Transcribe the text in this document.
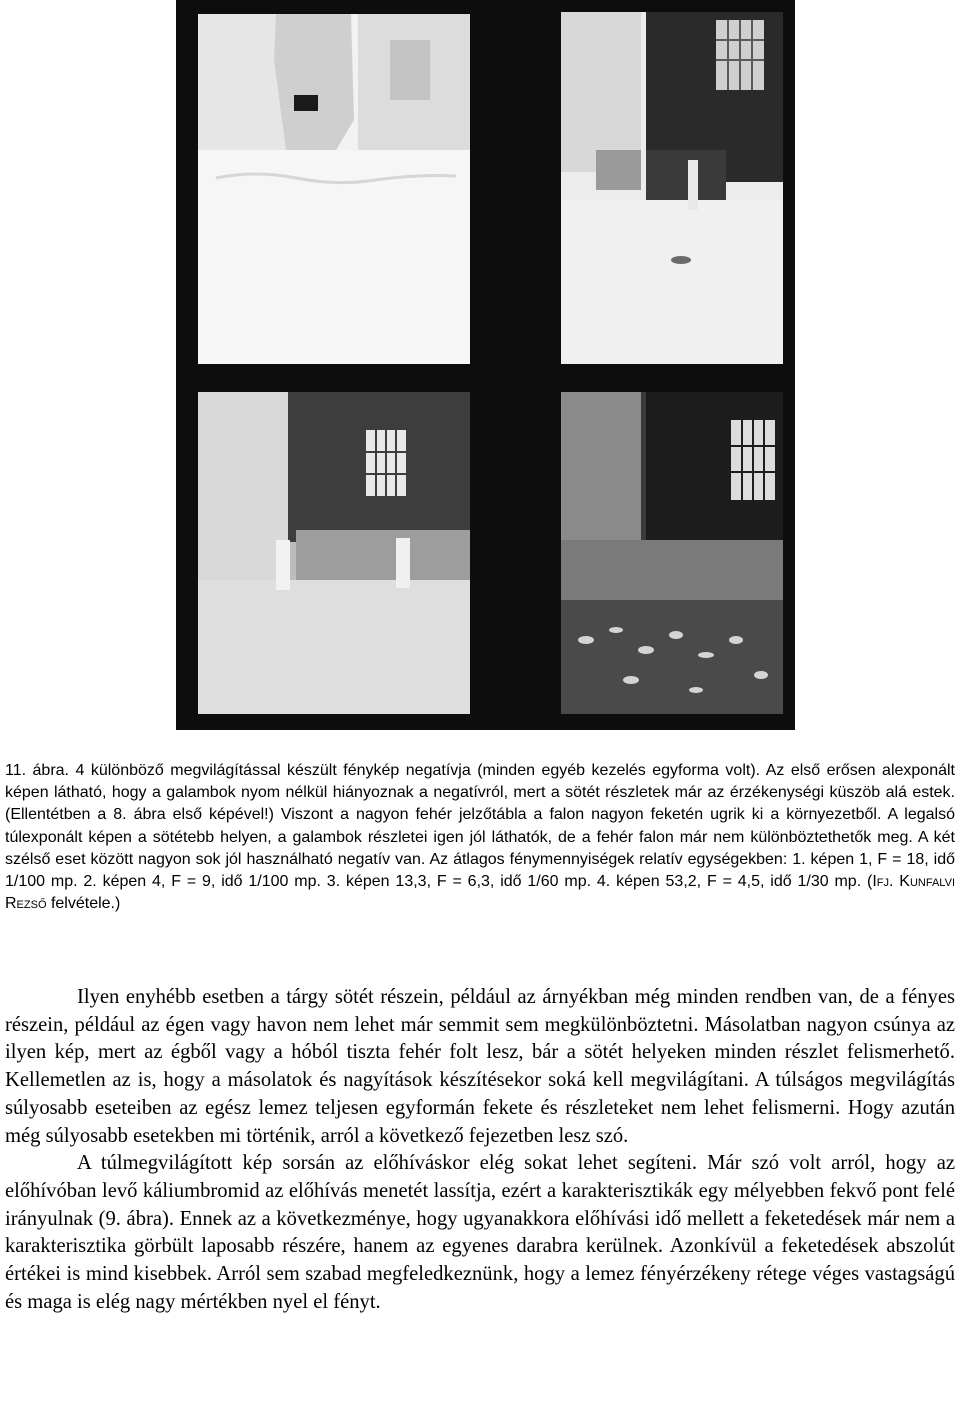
11. ábra. 4 különböző megvilágítással készült fénykép negatívja (minden egyéb kezelés egyforma volt). Az első erősen alexponált képen látható, hogy a galambok nyom nélkül hiányoznak a negatívról, mert a sötét részletek már az érzékenységi küszöb alá estek. (Ellentétben a 8. ábra első képével!) Viszont a nagyon fehér jelzőtábla a falon nagyon feketén ugrik ki a környezetből. A legalsó túlexponált képen a sötétebb helyen, a galambok részletei igen jól láthatók, de a fehér falon már nem különböztethetők meg. A két szélső eset között nagyon sok jól használható negatív van. Az átlagos fénymennyiségek relatív egységekben: 1. képen 1, F = 18, idő 1/100 mp. 2. képen 4, F = 9, idő 1/100 mp. 3. képen 13,3, F = 6,3, idő 1/60 mp. 4. képen 53,2, F = 4,5, idő 1/30 mp. (Ifj. Kunfalvi Rezső felvétele.)

Ilyen enyhébb esetben a tárgy sötét részein, például az árnyékban még minden rendben van, de a fényes részein, például az égen vagy havon nem lehet már semmit sem megkülönböztetni. Másolatban nagyon csúnya az ilyen kép, mert az égből vagy a hóból tiszta fehér folt lesz, bár a sötét helyeken minden részlet felismerhető. Kellemetlen az is, hogy a másolatok és nagyítások készítésekor soká kell megvilágítani. A túlságos megvilágítás súlyosabb eseteiben az egész lemez teljesen egyformán fekete és részleteket nem lehet felismerni. Hogy azután még súlyosabb esetekben mi történik, arról a következő fejezetben lesz szó.

A túlmegvilágított kép sorsán az előhíváskor elég sokat lehet segíteni. Már szó volt arról, hogy az előhívóban levő káliumbromid az előhívás menetét lassítja, ezért a karakterisztikák egy mélyebben fekvő pont felé irányulnak (9. ábra). Ennek az a következménye, hogy ugyanakkora előhívási idő mellett a feketedések már nem a karakterisztika görbült laposabb részére, hanem az egyenes darabra kerülnek. Azonkívül a feketedések abszolút értékei is mind kisebbek. Arról sem szabad megfeledkeznünk, hogy a lemez fényérzékeny rétege véges vastagságú és maga is elég nagy mértékben nyel el fényt.
